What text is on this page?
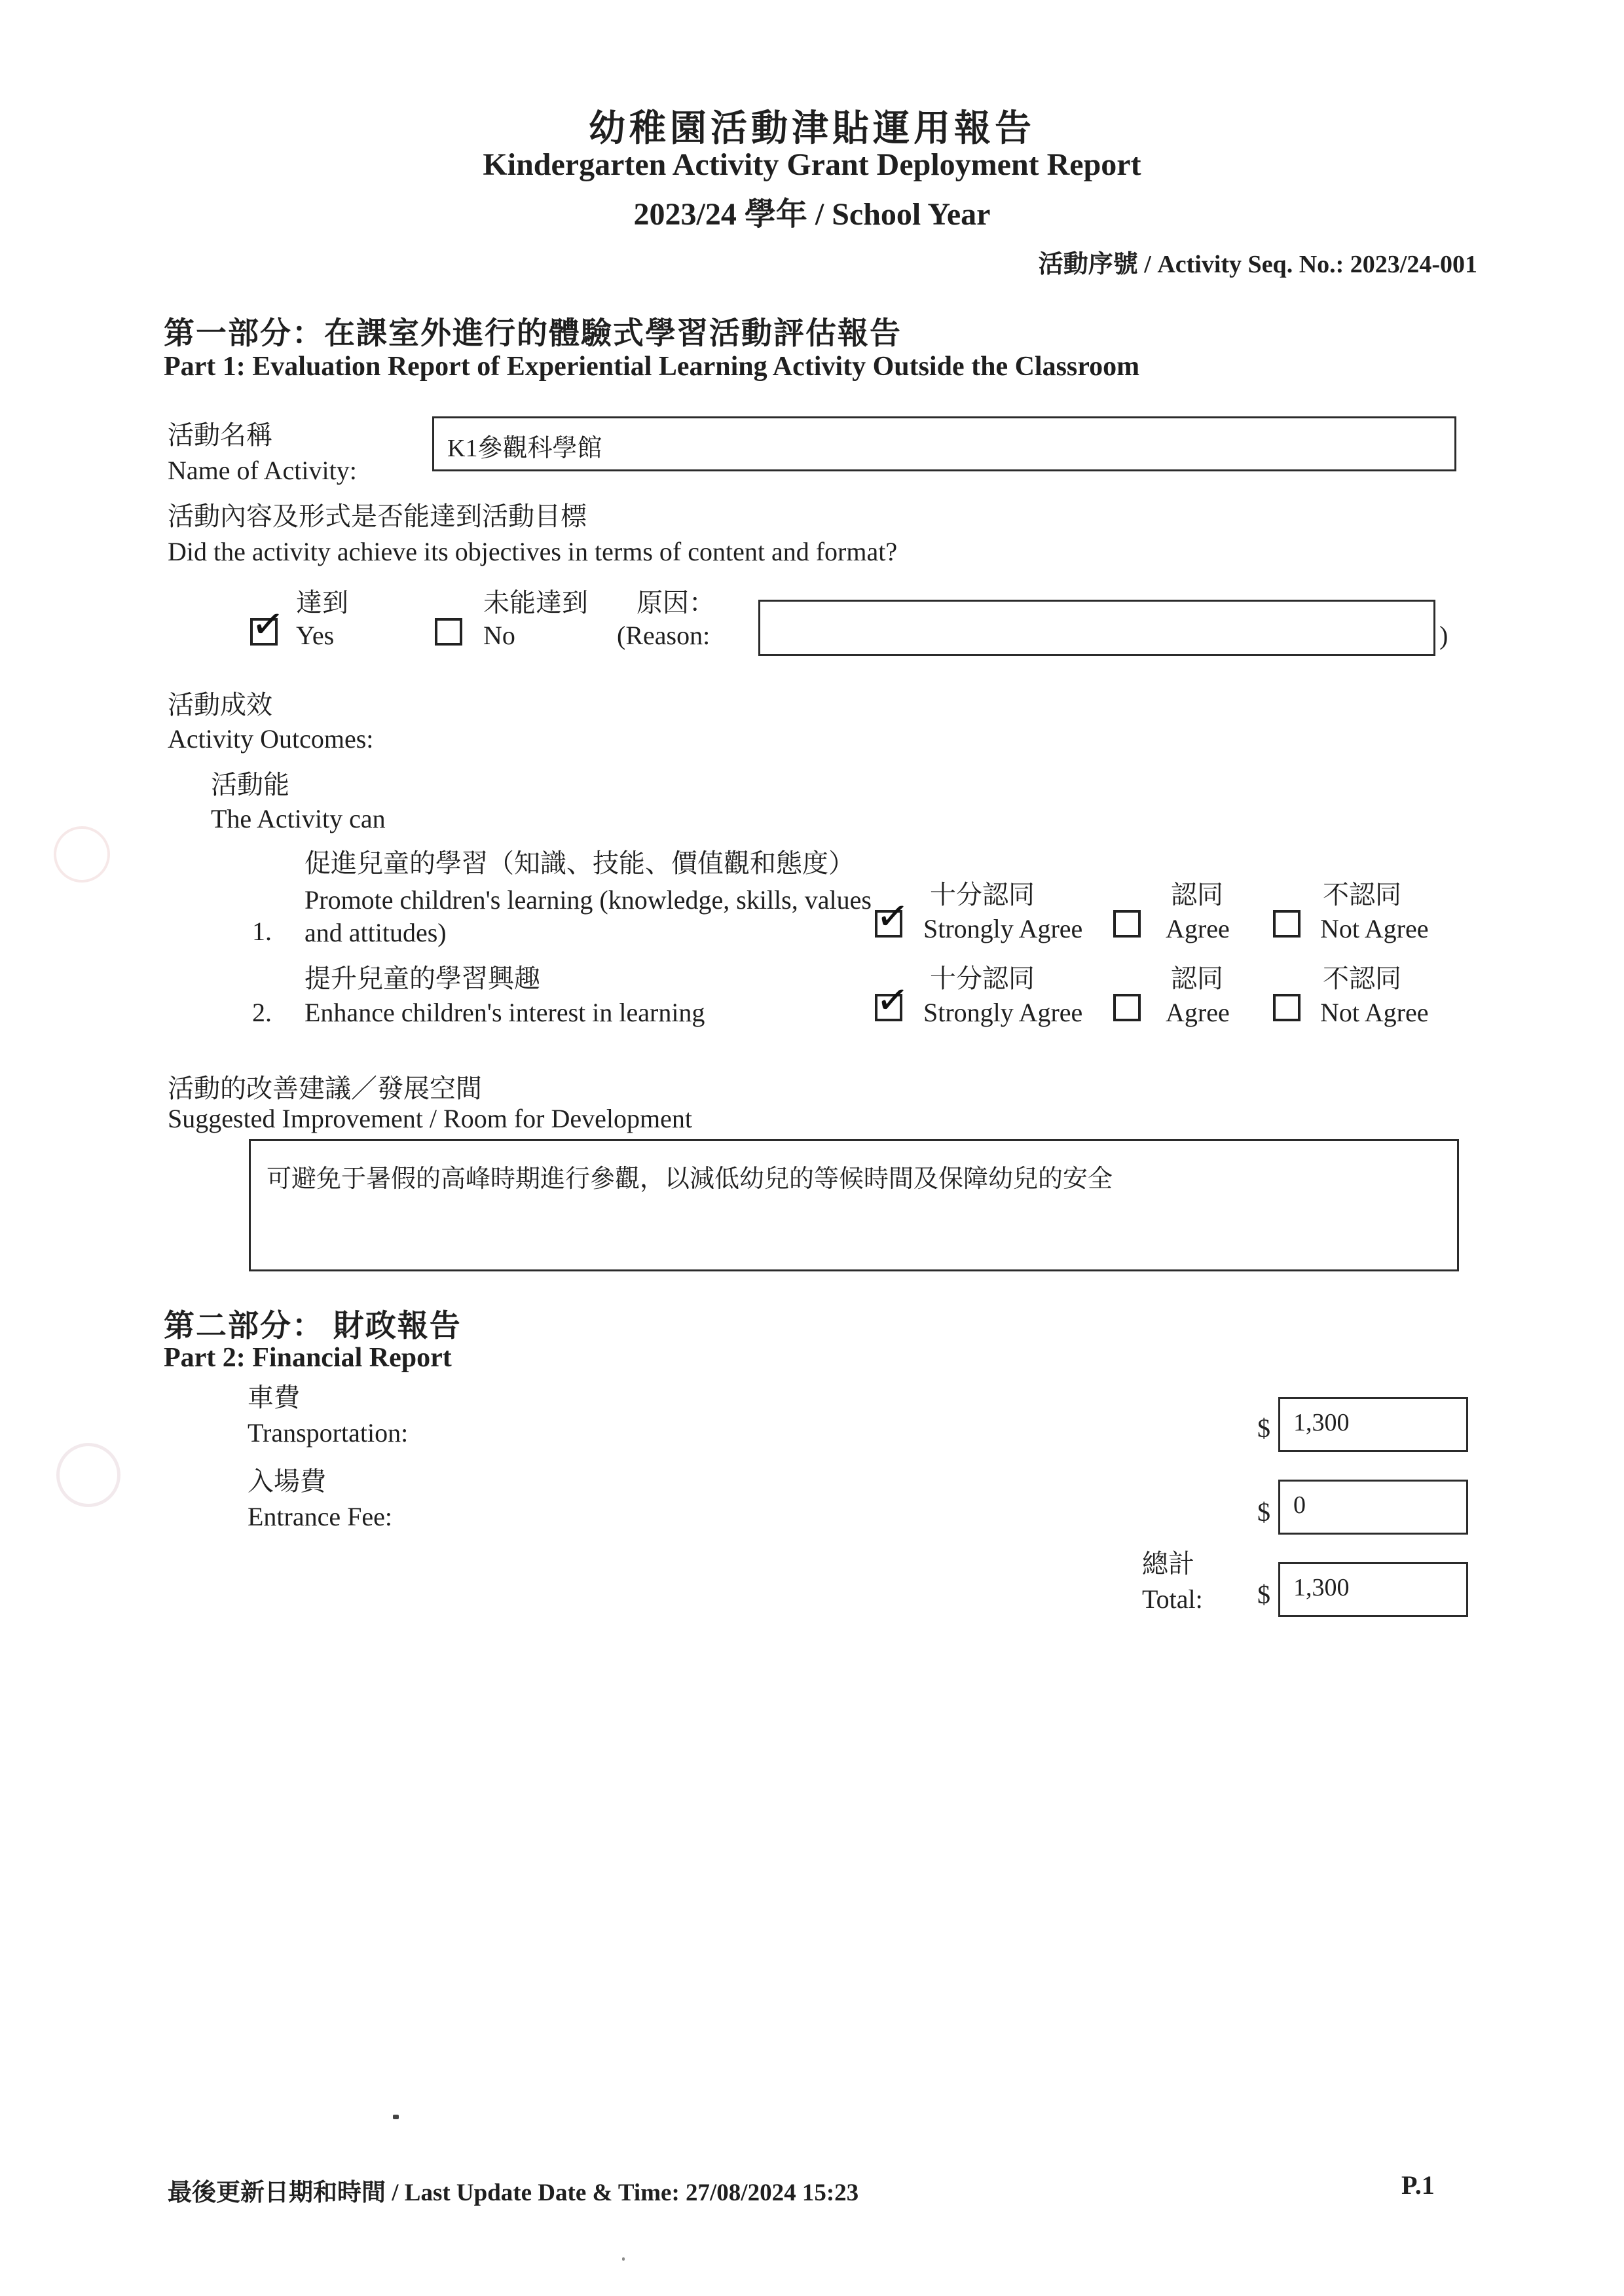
幼稚園活動津貼運用報告
Kindergarten Activity Grant Deployment Report
2023/24 學年 / School Year
活動序號 / Activity Seq. No.: 2023/24-001
第一部分：在課室外進行的體驗式學習活動評估報告
Part 1: Evaluation Report of Experiential Learning Activity Outside the Classroom
活動名稱
Name of Activity:
K1參觀科學館
活動內容及形式是否能達到活動目標
Did the activity achieve its objectives in terms of content and format?
達到
✓ Yes
未能達到
No
原因：
(Reason:	)
活動成效
Activity Outcomes:
活動能
The Activity can
促進兒童的學習（知識、技能、價值觀和態度）
Promote children's learning (knowledge, skills, values and attitudes)
1.
十分認同
✓ Strongly Agree
認同
Agree
不認同
Not Agree
提升兒童的學習興趣
2. Enhance children's interest in learning
十分認同
✓ Strongly Agree
認同
Agree
不認同
Not Agree
活動的改善建議／發展空間
Suggested Improvement / Room for Development
可避免于暑假的高峰時期進行參觀，以減低幼兒的等候時間及保障幼兒的安全
第二部分： 財政報告
Part 2: Financial Report
車費
Transportation:	$ 1,300
入場費
Entrance Fee:	$ 0
總計
Total: $ 1,300
最後更新日期和時間 / Last Update Date & Time: 27/08/2024 15:23	P.1
